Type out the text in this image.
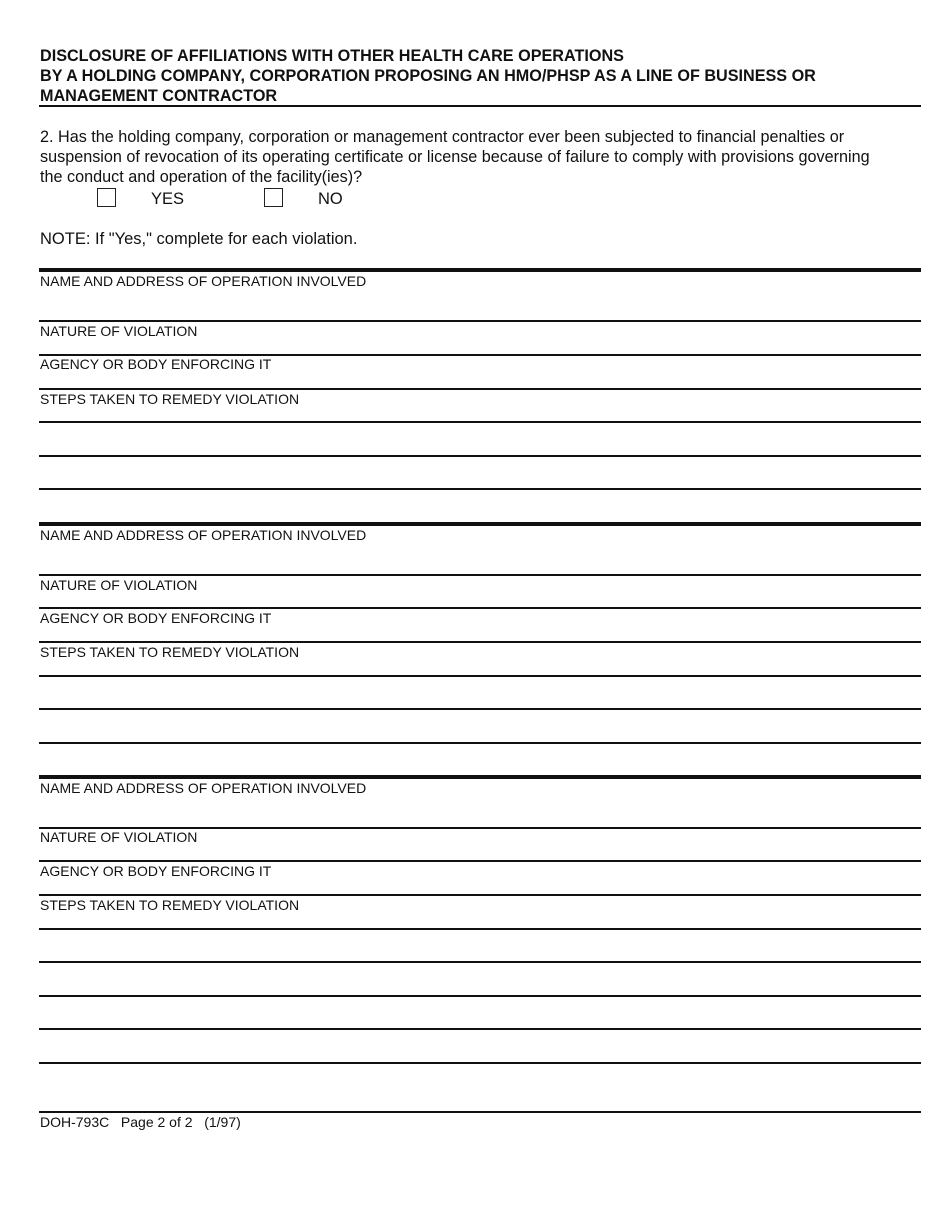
DISCLOSURE OF AFFILIATIONS WITH OTHER HEALTH CARE OPERATIONS
BY A HOLDING COMPANY, CORPORATION PROPOSING AN HMO/PHSP AS A LINE OF BUSINESS OR
MANAGEMENT CONTRACTOR
2. Has the holding company, corporation or management contractor ever been subjected to financial penalties or
suspension of revocation of its operating certificate or license because of failure to comply with provisions governing
the conduct and operation of the facility(ies)?
YES	NO
NOTE: If "Yes," complete for each violation.
NAME AND ADDRESS OF OPERATION INVOLVED
NATURE OF VIOLATION
AGENCY OR BODY ENFORCING IT
STEPS TAKEN TO REMEDY VIOLATION
NAME AND ADDRESS OF OPERATION INVOLVED
NATURE OF VIOLATION
AGENCY OR BODY ENFORCING IT
STEPS TAKEN TO REMEDY VIOLATION
NAME AND ADDRESS OF OPERATION INVOLVED
NATURE OF VIOLATION
AGENCY OR BODY ENFORCING IT
STEPS TAKEN TO REMEDY VIOLATION
DOH-793C   Page 2 of 2   (1/97)
